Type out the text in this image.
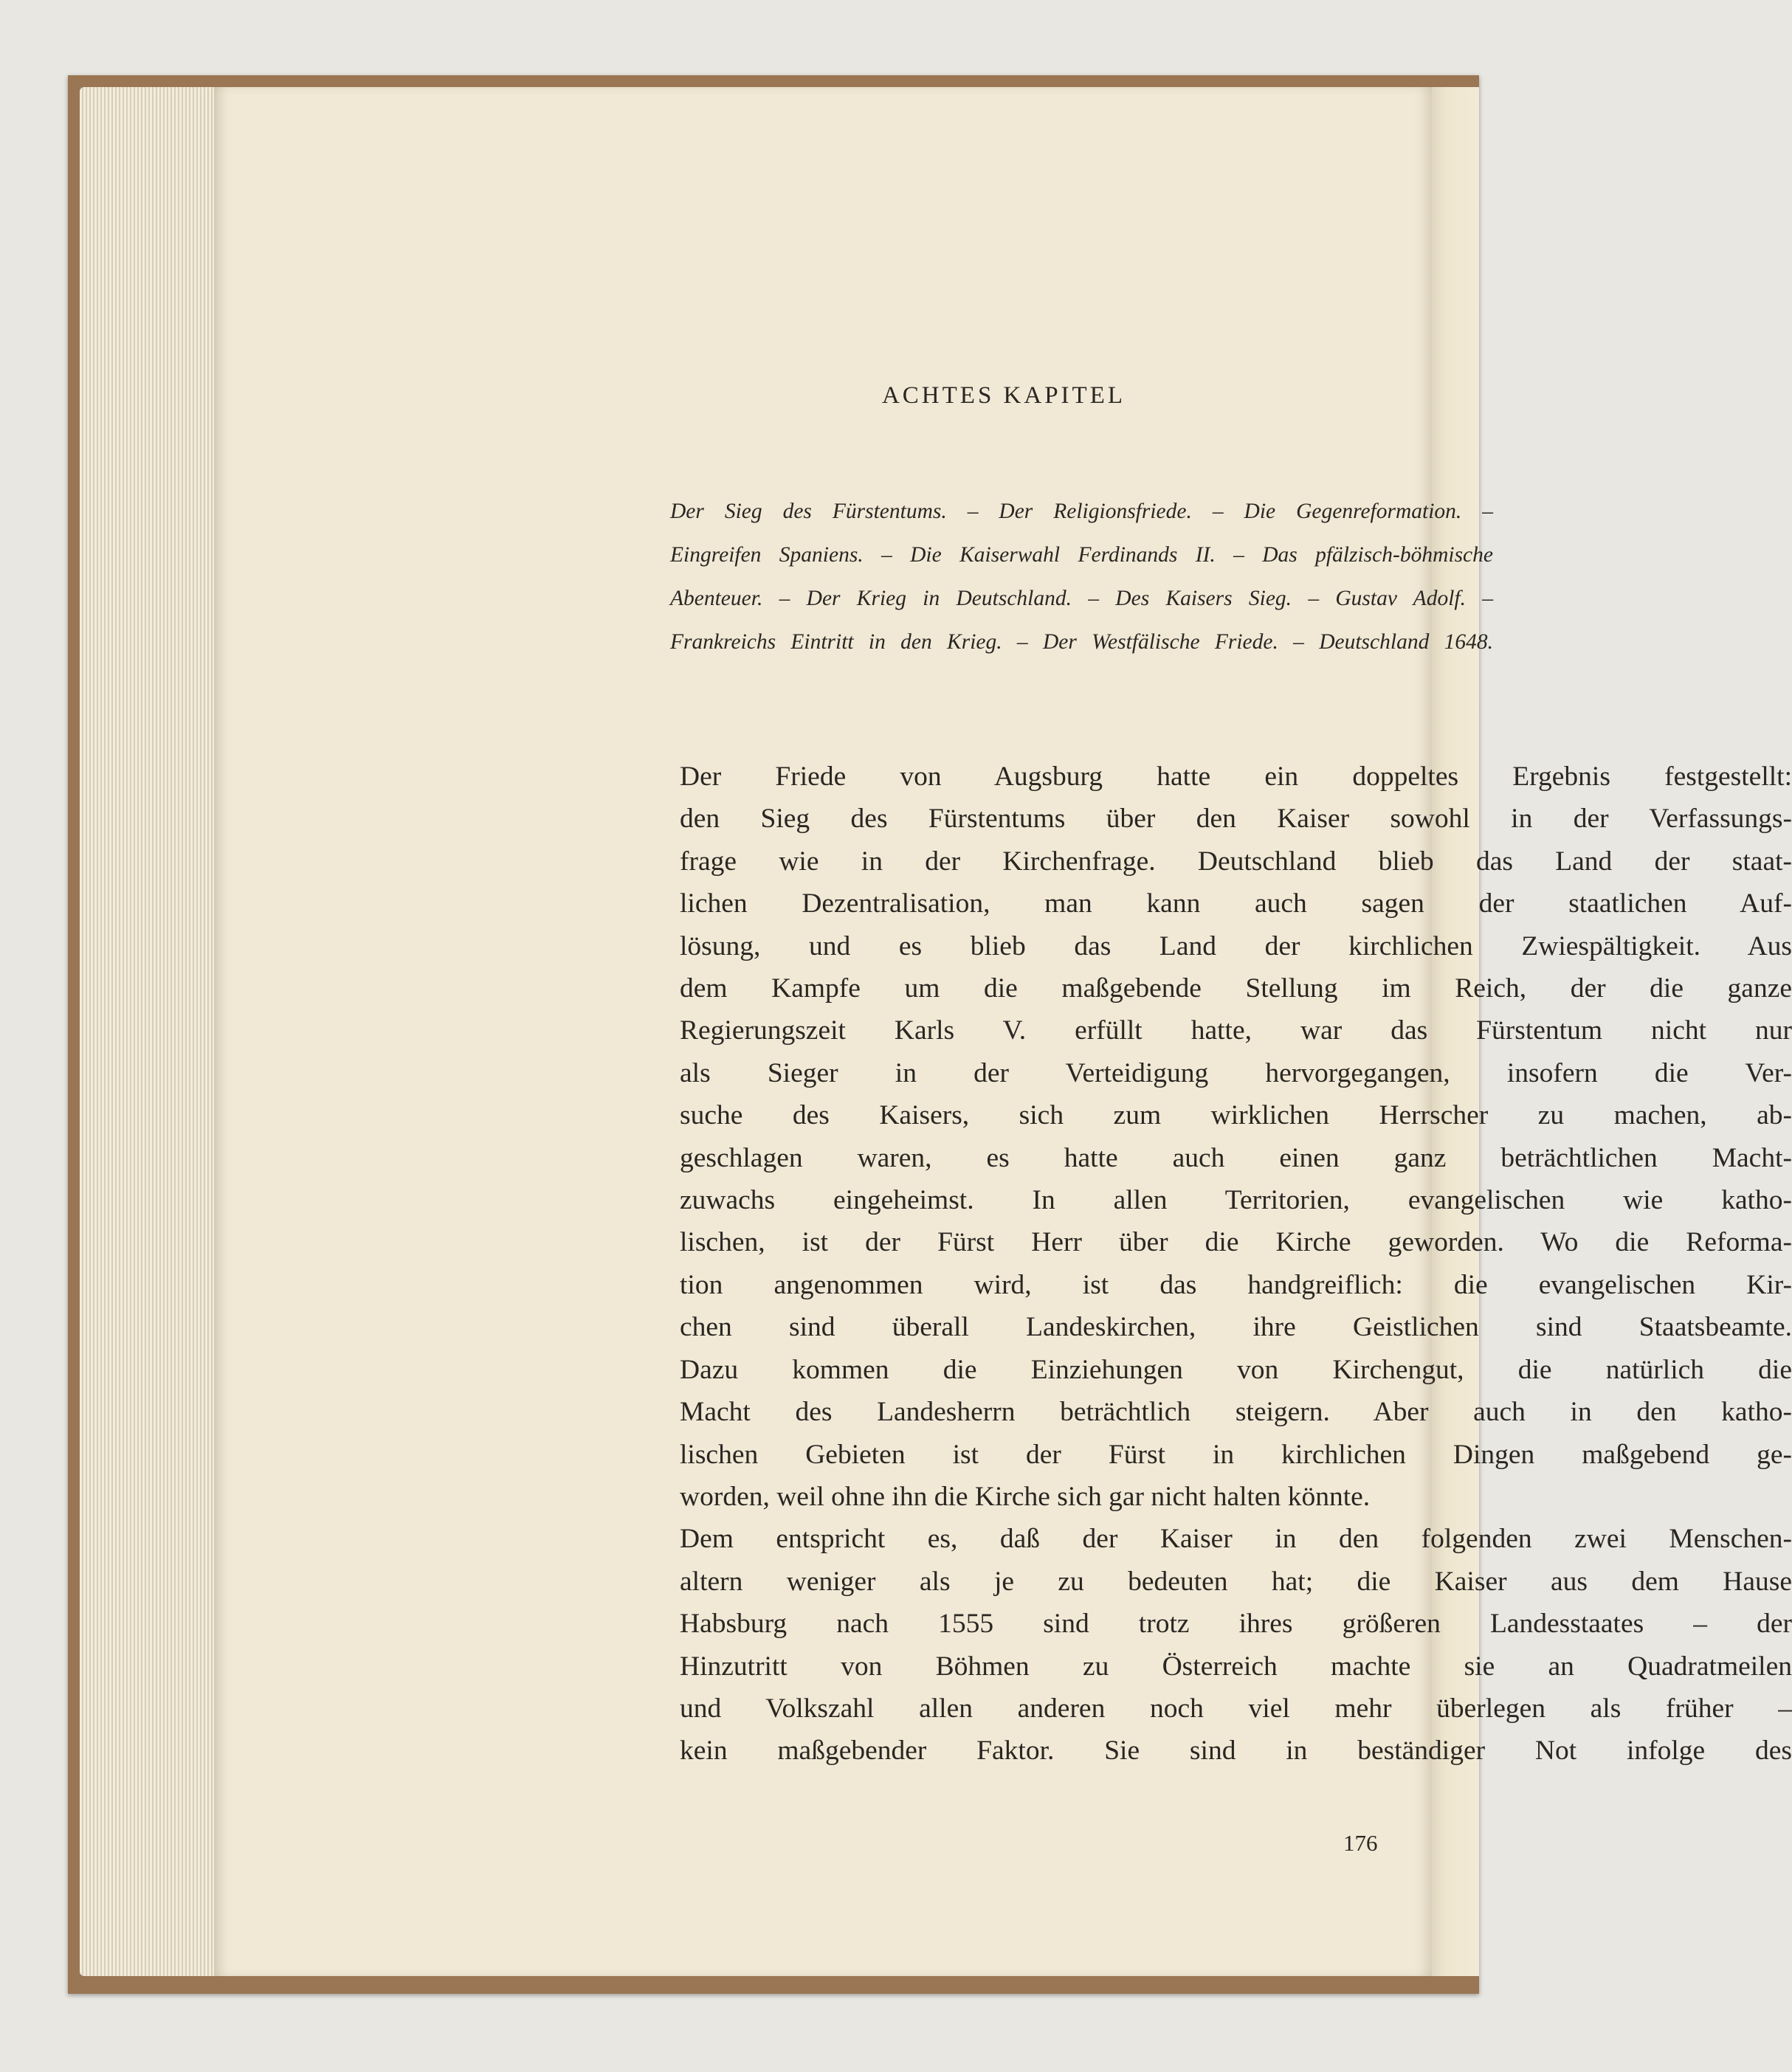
ACHTES KAPITEL
Der Sieg des Fürstentums. – Der Religionsfriede. – Die Gegenreformation. –
Eingreifen Spaniens. – Die Kaiserwahl Ferdinands II. – Das pfälzisch-böhmische
Abenteuer. – Der Krieg in Deutschland. – Des Kaisers Sieg. – Gustav Adolf. –
Frankreichs Eintritt in den Krieg. – Der Westfälische Friede. – Deutschland 1648.
Der Friede von Augsburg hatte ein doppeltes Ergebnis festgestellt:
den Sieg des Fürstentums über den Kaiser sowohl in der Verfassungs-
frage wie in der Kirchenfrage. Deutschland blieb das Land der staat-
lichen Dezentralisation, man kann auch sagen der staatlichen Auf-
lösung, und es blieb das Land der kirchlichen Zwiespältigkeit. Aus
dem Kampfe um die maßgebende Stellung im Reich, der die ganze
Regierungszeit Karls V. erfüllt hatte, war das Fürstentum nicht nur
als Sieger in der Verteidigung hervorgegangen, insofern die Ver-
suche des Kaisers, sich zum wirklichen Herrscher zu machen, ab-
geschlagen waren, es hatte auch einen ganz beträchtlichen Macht-
zuwachs eingeheimst. In allen Territorien, evangelischen wie katho-
lischen, ist der Fürst Herr über die Kirche geworden. Wo die Reforma-
tion angenommen wird, ist das handgreiflich: die evangelischen Kir-
chen sind überall Landeskirchen, ihre Geistlichen sind Staatsbeamte.
Dazu kommen die Einziehungen von Kirchengut, die natürlich die
Macht des Landesherrn beträchtlich steigern. Aber auch in den katho-
lischen Gebieten ist der Fürst in kirchlichen Dingen maßgebend ge-
worden, weil ohne ihn die Kirche sich gar nicht halten könnte.
Dem entspricht es, daß der Kaiser in den folgenden zwei Menschen-
altern weniger als je zu bedeuten hat; die Kaiser aus dem Hause
Habsburg nach 1555 sind trotz ihres größeren Landesstaates – der
Hinzutritt von Böhmen zu Österreich machte sie an Quadratmeilen
und Volkszahl allen anderen noch viel mehr überlegen als früher –
kein maßgebender Faktor. Sie sind in beständiger Not infolge des
176
